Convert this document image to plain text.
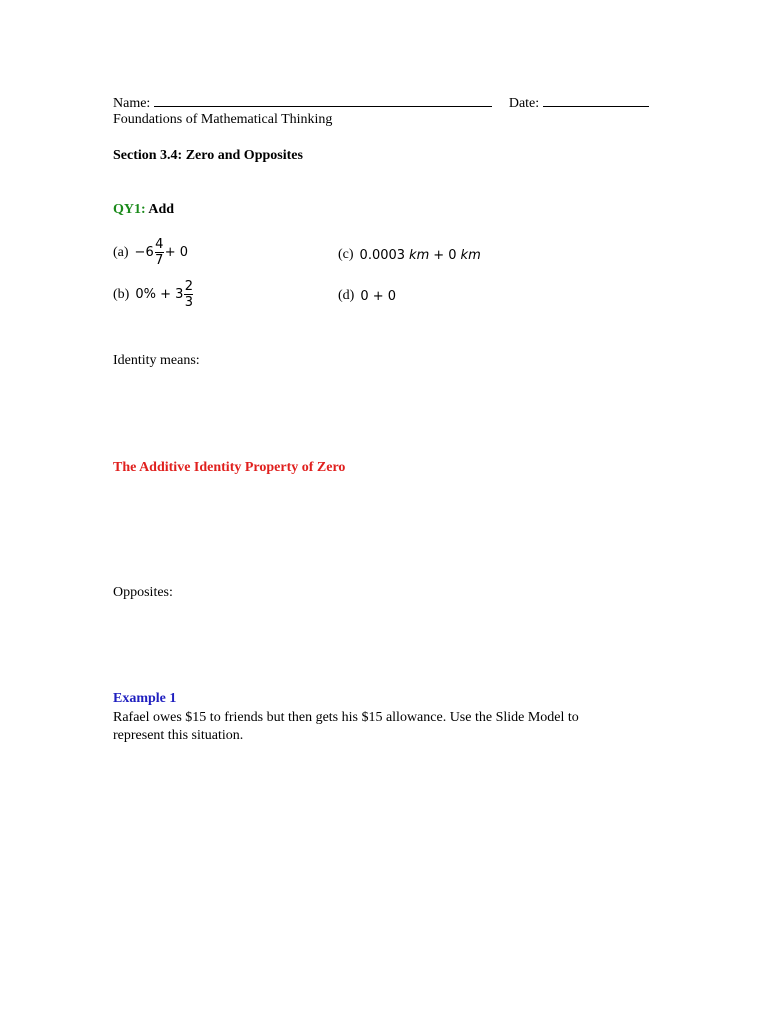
Name:	Date:
Foundations of Mathematical Thinking
Section 3.4: Zero and Opposites
QY1: Add
$(a) -6 \frac{4}{7} + 0$	(c) 0.0003 km + 0 km
(b) $0\% + 3 \frac{2}{3}$	(d) 0 + 0
Identity means:
The Additive Identity Property of Zero
Opposites:
Example 1
Rafael owes $15 to friends but then gets his $15 allowance. Use the Slide Model to
represent this situation.
